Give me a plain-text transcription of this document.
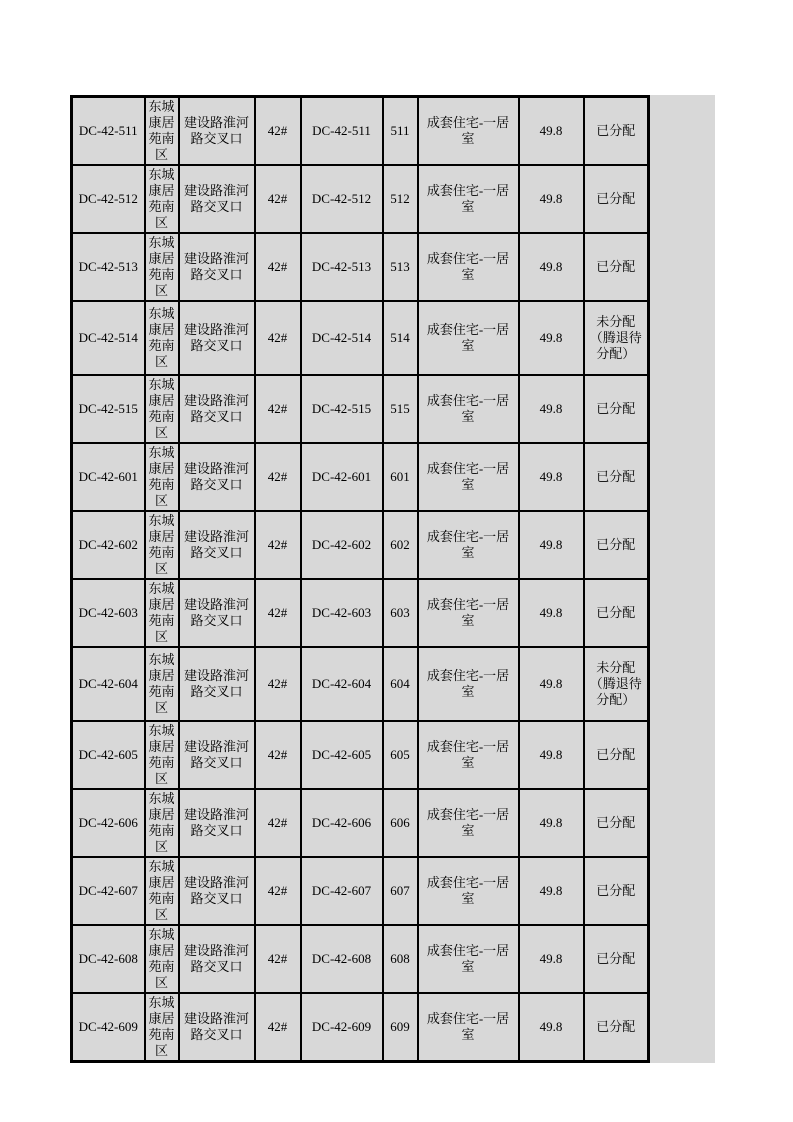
DC-42-511	东城康居苑南区	建设路淮河路交叉口	42#	DC-42-511	511	成套住宅-一居室	49.8	已分配
DC-42-512	东城康居苑南区	建设路淮河路交叉口	42#	DC-42-512	512	成套住宅-一居室	49.8	已分配
DC-42-513	东城康居苑南区	建设路淮河路交叉口	42#	DC-42-513	513	成套住宅-一居室	49.8	已分配
DC-42-514	东城康居苑南区	建设路淮河路交叉口	42#	DC-42-514	514	成套住宅-一居室	49.8	未分配（腾退待分配）
DC-42-515	东城康居苑南区	建设路淮河路交叉口	42#	DC-42-515	515	成套住宅-一居室	49.8	已分配
DC-42-601	东城康居苑南区	建设路淮河路交叉口	42#	DC-42-601	601	成套住宅-一居室	49.8	已分配
DC-42-602	东城康居苑南区	建设路淮河路交叉口	42#	DC-42-602	602	成套住宅-一居室	49.8	已分配
DC-42-603	东城康居苑南区	建设路淮河路交叉口	42#	DC-42-603	603	成套住宅-一居室	49.8	已分配
DC-42-604	东城康居苑南区	建设路淮河路交叉口	42#	DC-42-604	604	成套住宅-一居室	49.8	未分配（腾退待分配）
DC-42-605	东城康居苑南区	建设路淮河路交叉口	42#	DC-42-605	605	成套住宅-一居室	49.8	已分配
DC-42-606	东城康居苑南区	建设路淮河路交叉口	42#	DC-42-606	606	成套住宅-一居室	49.8	已分配
DC-42-607	东城康居苑南区	建设路淮河路交叉口	42#	DC-42-607	607	成套住宅-一居室	49.8	已分配
DC-42-608	东城康居苑南区	建设路淮河路交叉口	42#	DC-42-608	608	成套住宅-一居室	49.8	已分配
DC-42-609	东城康居苑南区	建设路淮河路交叉口	42#	DC-42-609	609	成套住宅-一居室	49.8	已分配
